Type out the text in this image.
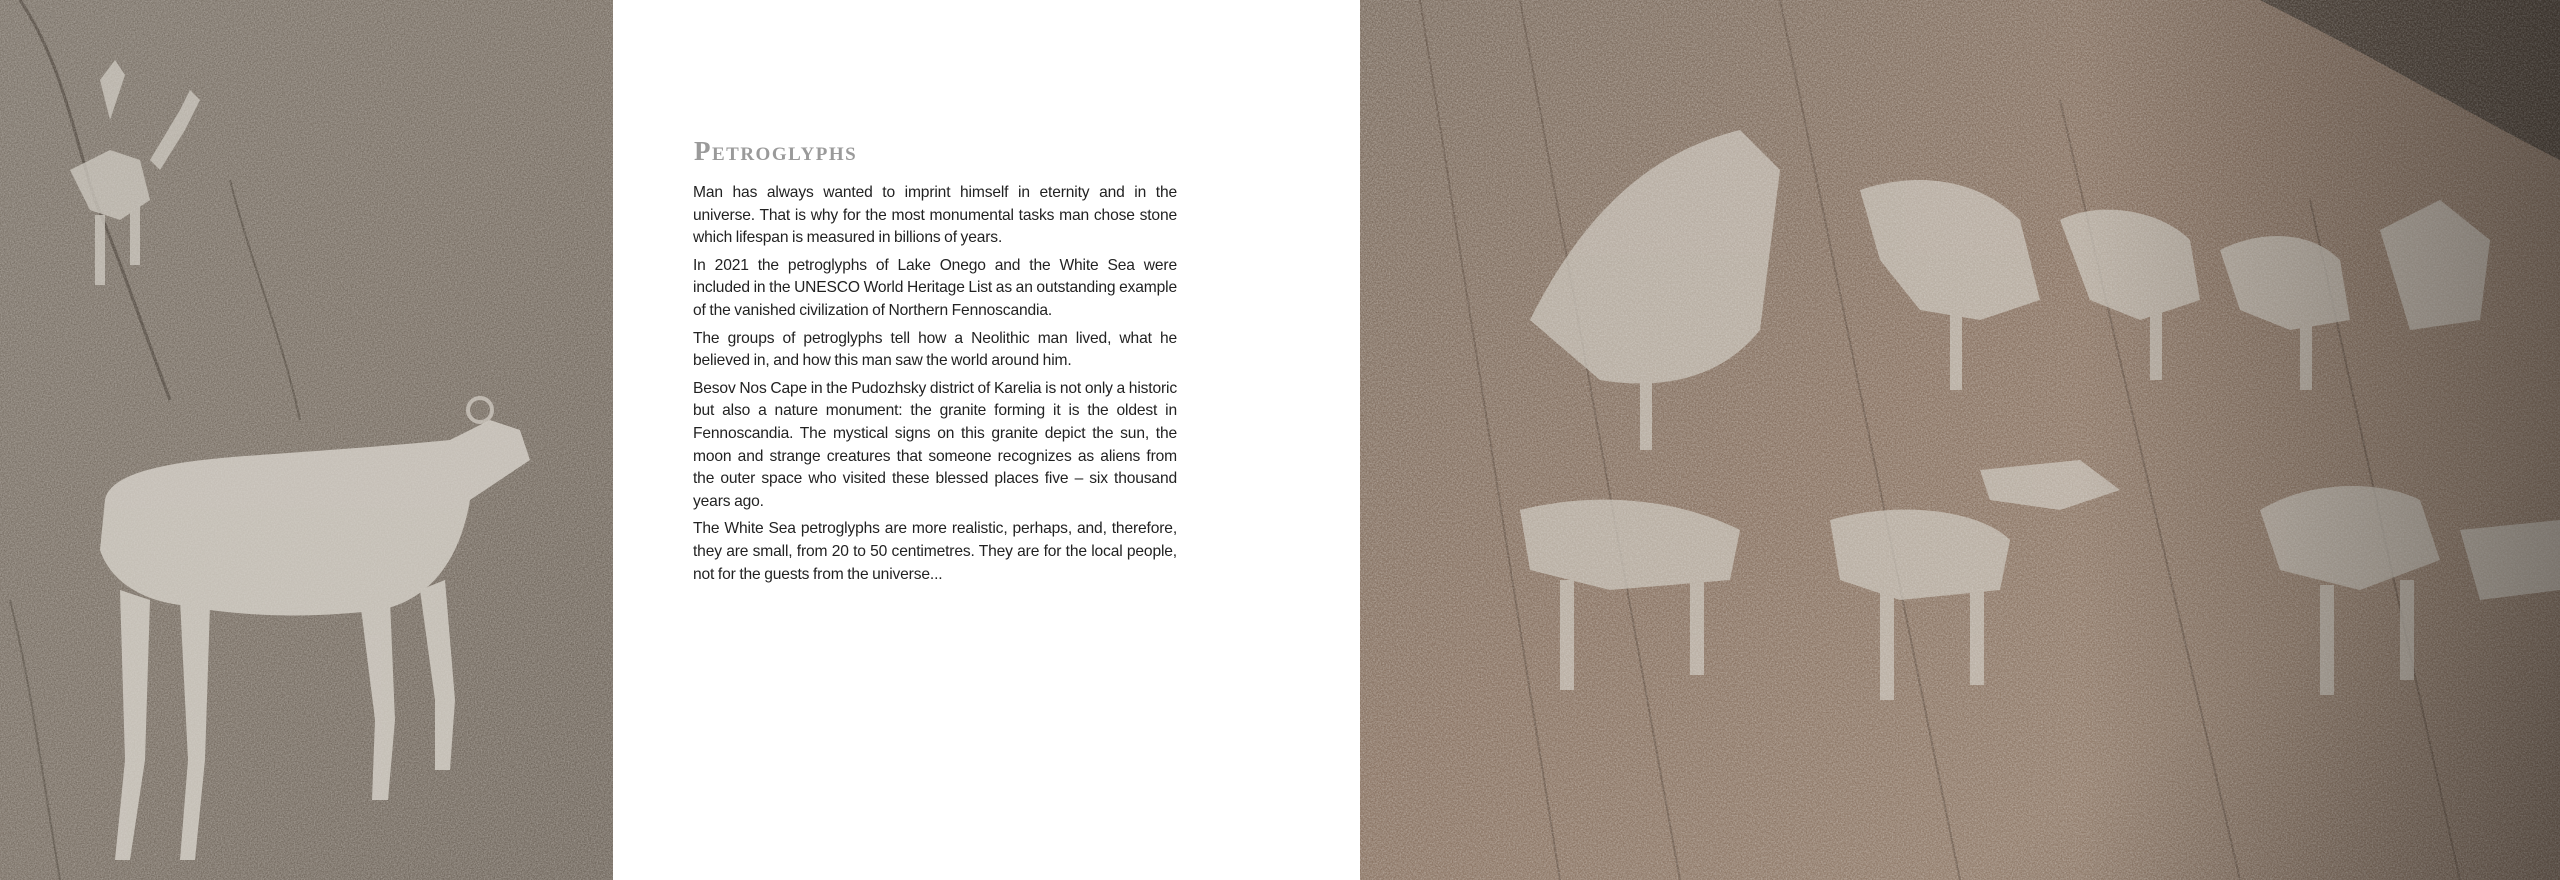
Petroglyphs

Man has always wanted to imprint himself in eternity and in the universe. That is why for the most monumental tasks man chose stone which lifespan is measured in billions of years.

In 2021 the petroglyphs of Lake Onego and the White Sea were included in the UNESCO World Heritage List as an outstanding example of the vanished civilization of Northern Fennoscandia.

The groups of petroglyphs tell how a Neolithic man lived, what he believed in, and how this man saw the world around him.

Besov Nos Cape in the Pudozhsky district of Karelia is not only a historic but also a nature monument: the granite forming it is the oldest in Fennoscandia. The mystical signs on this granite depict the sun, the moon and strange creatures that someone recognizes as aliens from the outer space who visited these blessed places five – six thousand years ago.

The White Sea petroglyphs are more realistic, perhaps, and, therefore, they are small, from 20 to 50 centimetres. They are for the local people, not for the guests from the universe...
